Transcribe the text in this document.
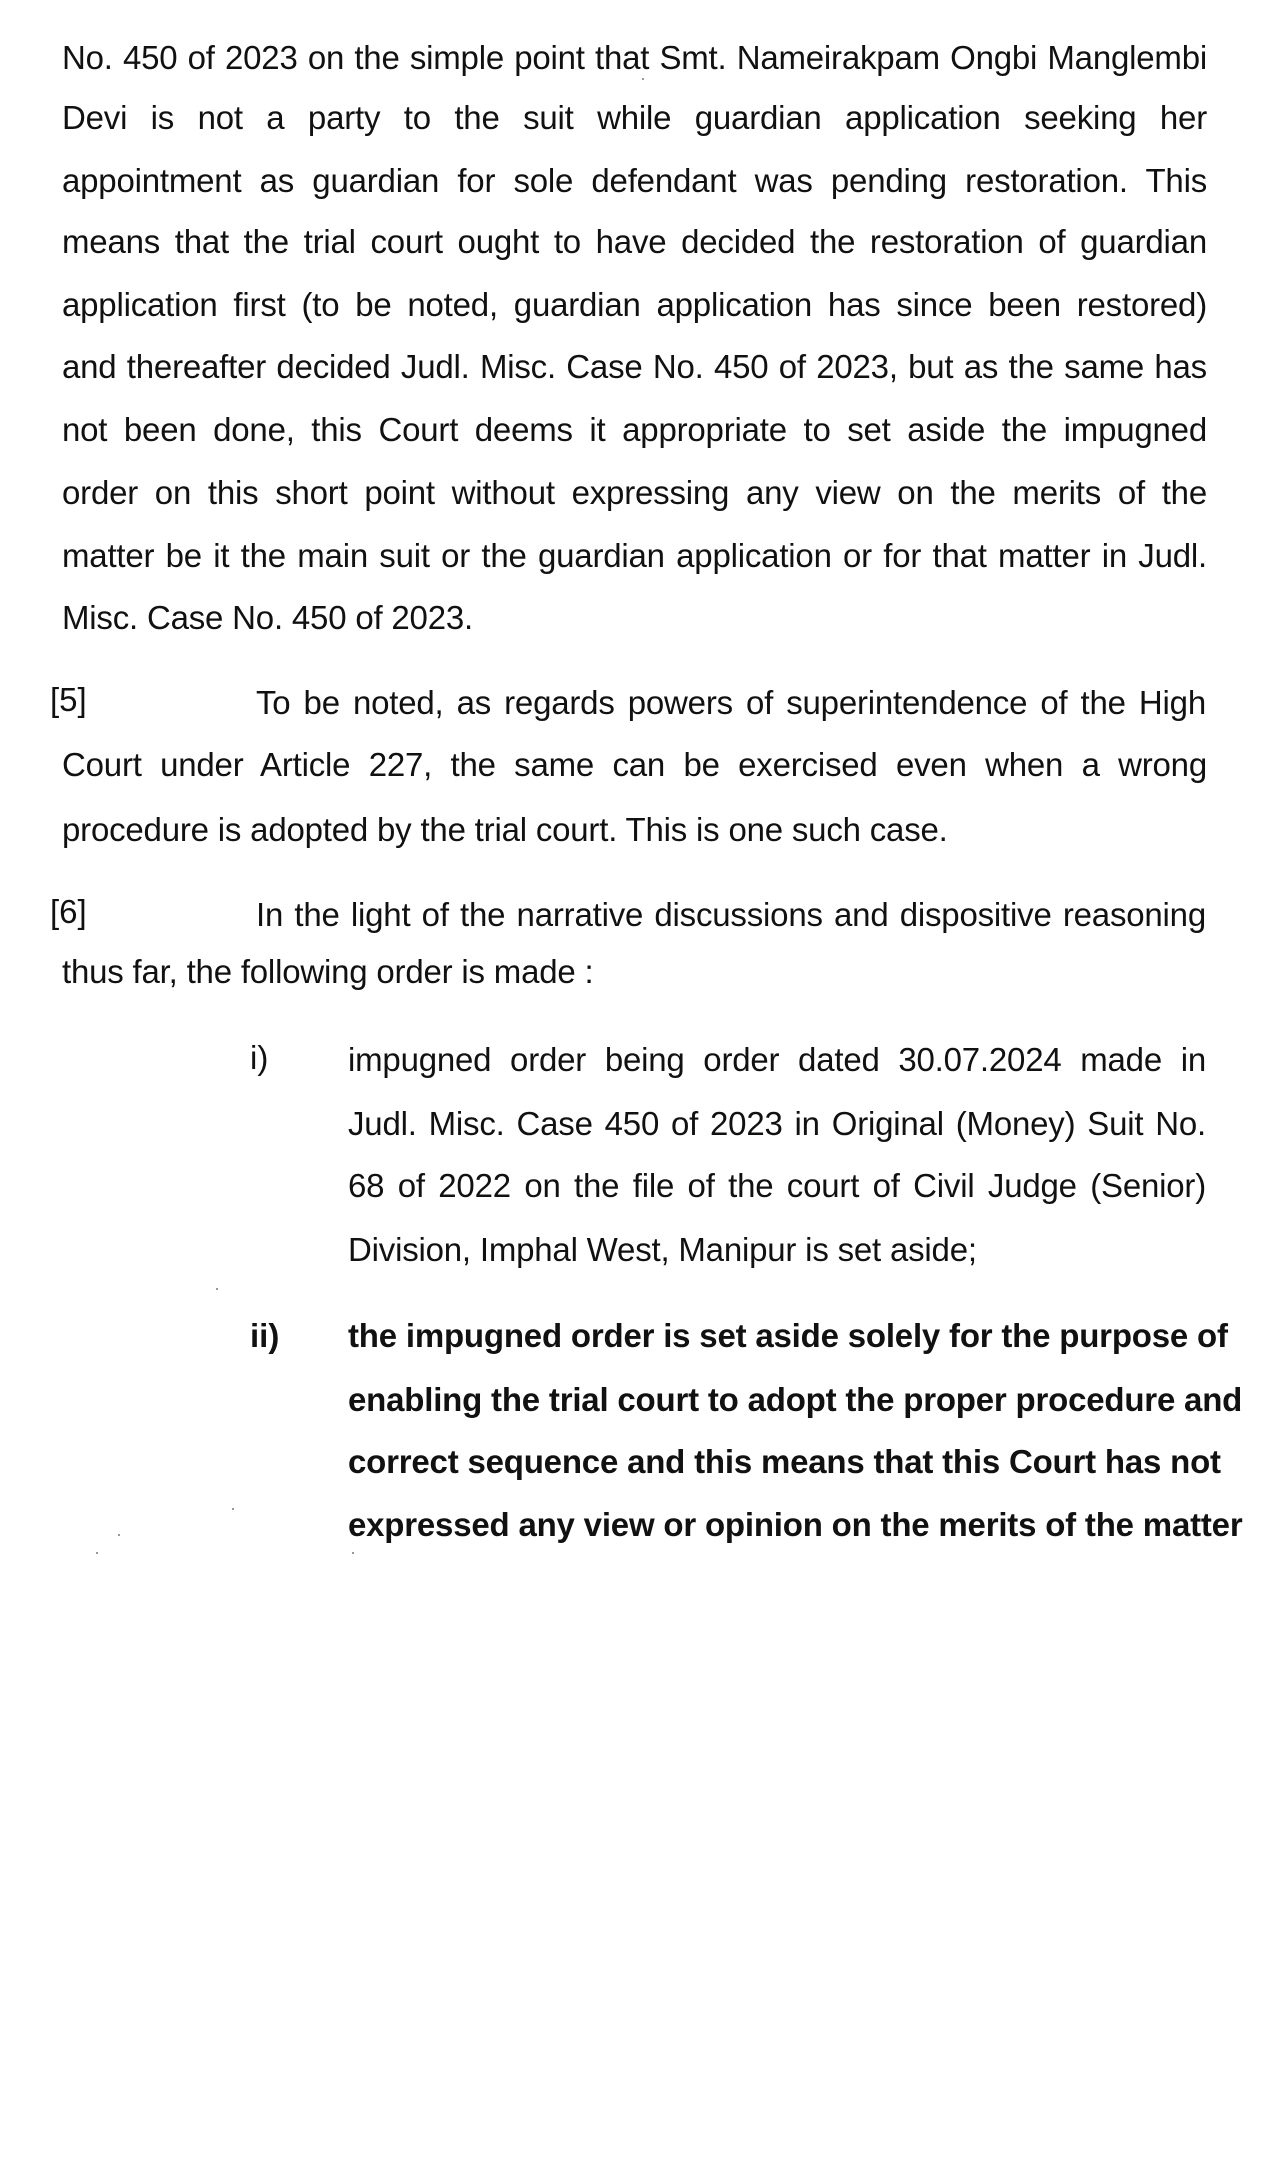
No. 450 of 2023 on the simple point that Smt. Nameirakpam Ongbi Manglembi
Devi is not a party to the suit while guardian application seeking her
appointment as guardian for sole defendant was pending restoration. This
means that the trial court ought to have decided the restoration of guardian
application first (to be noted, guardian application has since been restored)
and thereafter decided Judl. Misc. Case No. 450 of 2023, but as the same has
not been done, this Court deems it appropriate to set aside the impugned
order on this short point without expressing any view on the merits of the
matter be it the main suit or the guardian application or for that matter in Judl.
Misc. Case No. 450 of 2023.
[5]	To be noted, as regards powers of superintendence of the High
Court under Article 227, the same can be exercised even when a wrong
procedure is adopted by the trial court. This is one such case.
[6]	In the light of the narrative discussions and dispositive reasoning
thus far, the following order is made :
i) impugned order being order dated 30.07.2024 made in
Judl. Misc. Case 450 of 2023 in Original (Money) Suit No.
68 of 2022 on the file of the court of Civil Judge (Senior)
Division, Imphal West, Manipur is set aside;
ii) the impugned order is set aside solely for the purpose of
enabling the trial court to adopt the proper procedure and
correct sequence and this means that this Court has not
expressed any view or opinion on the merits of the matter
